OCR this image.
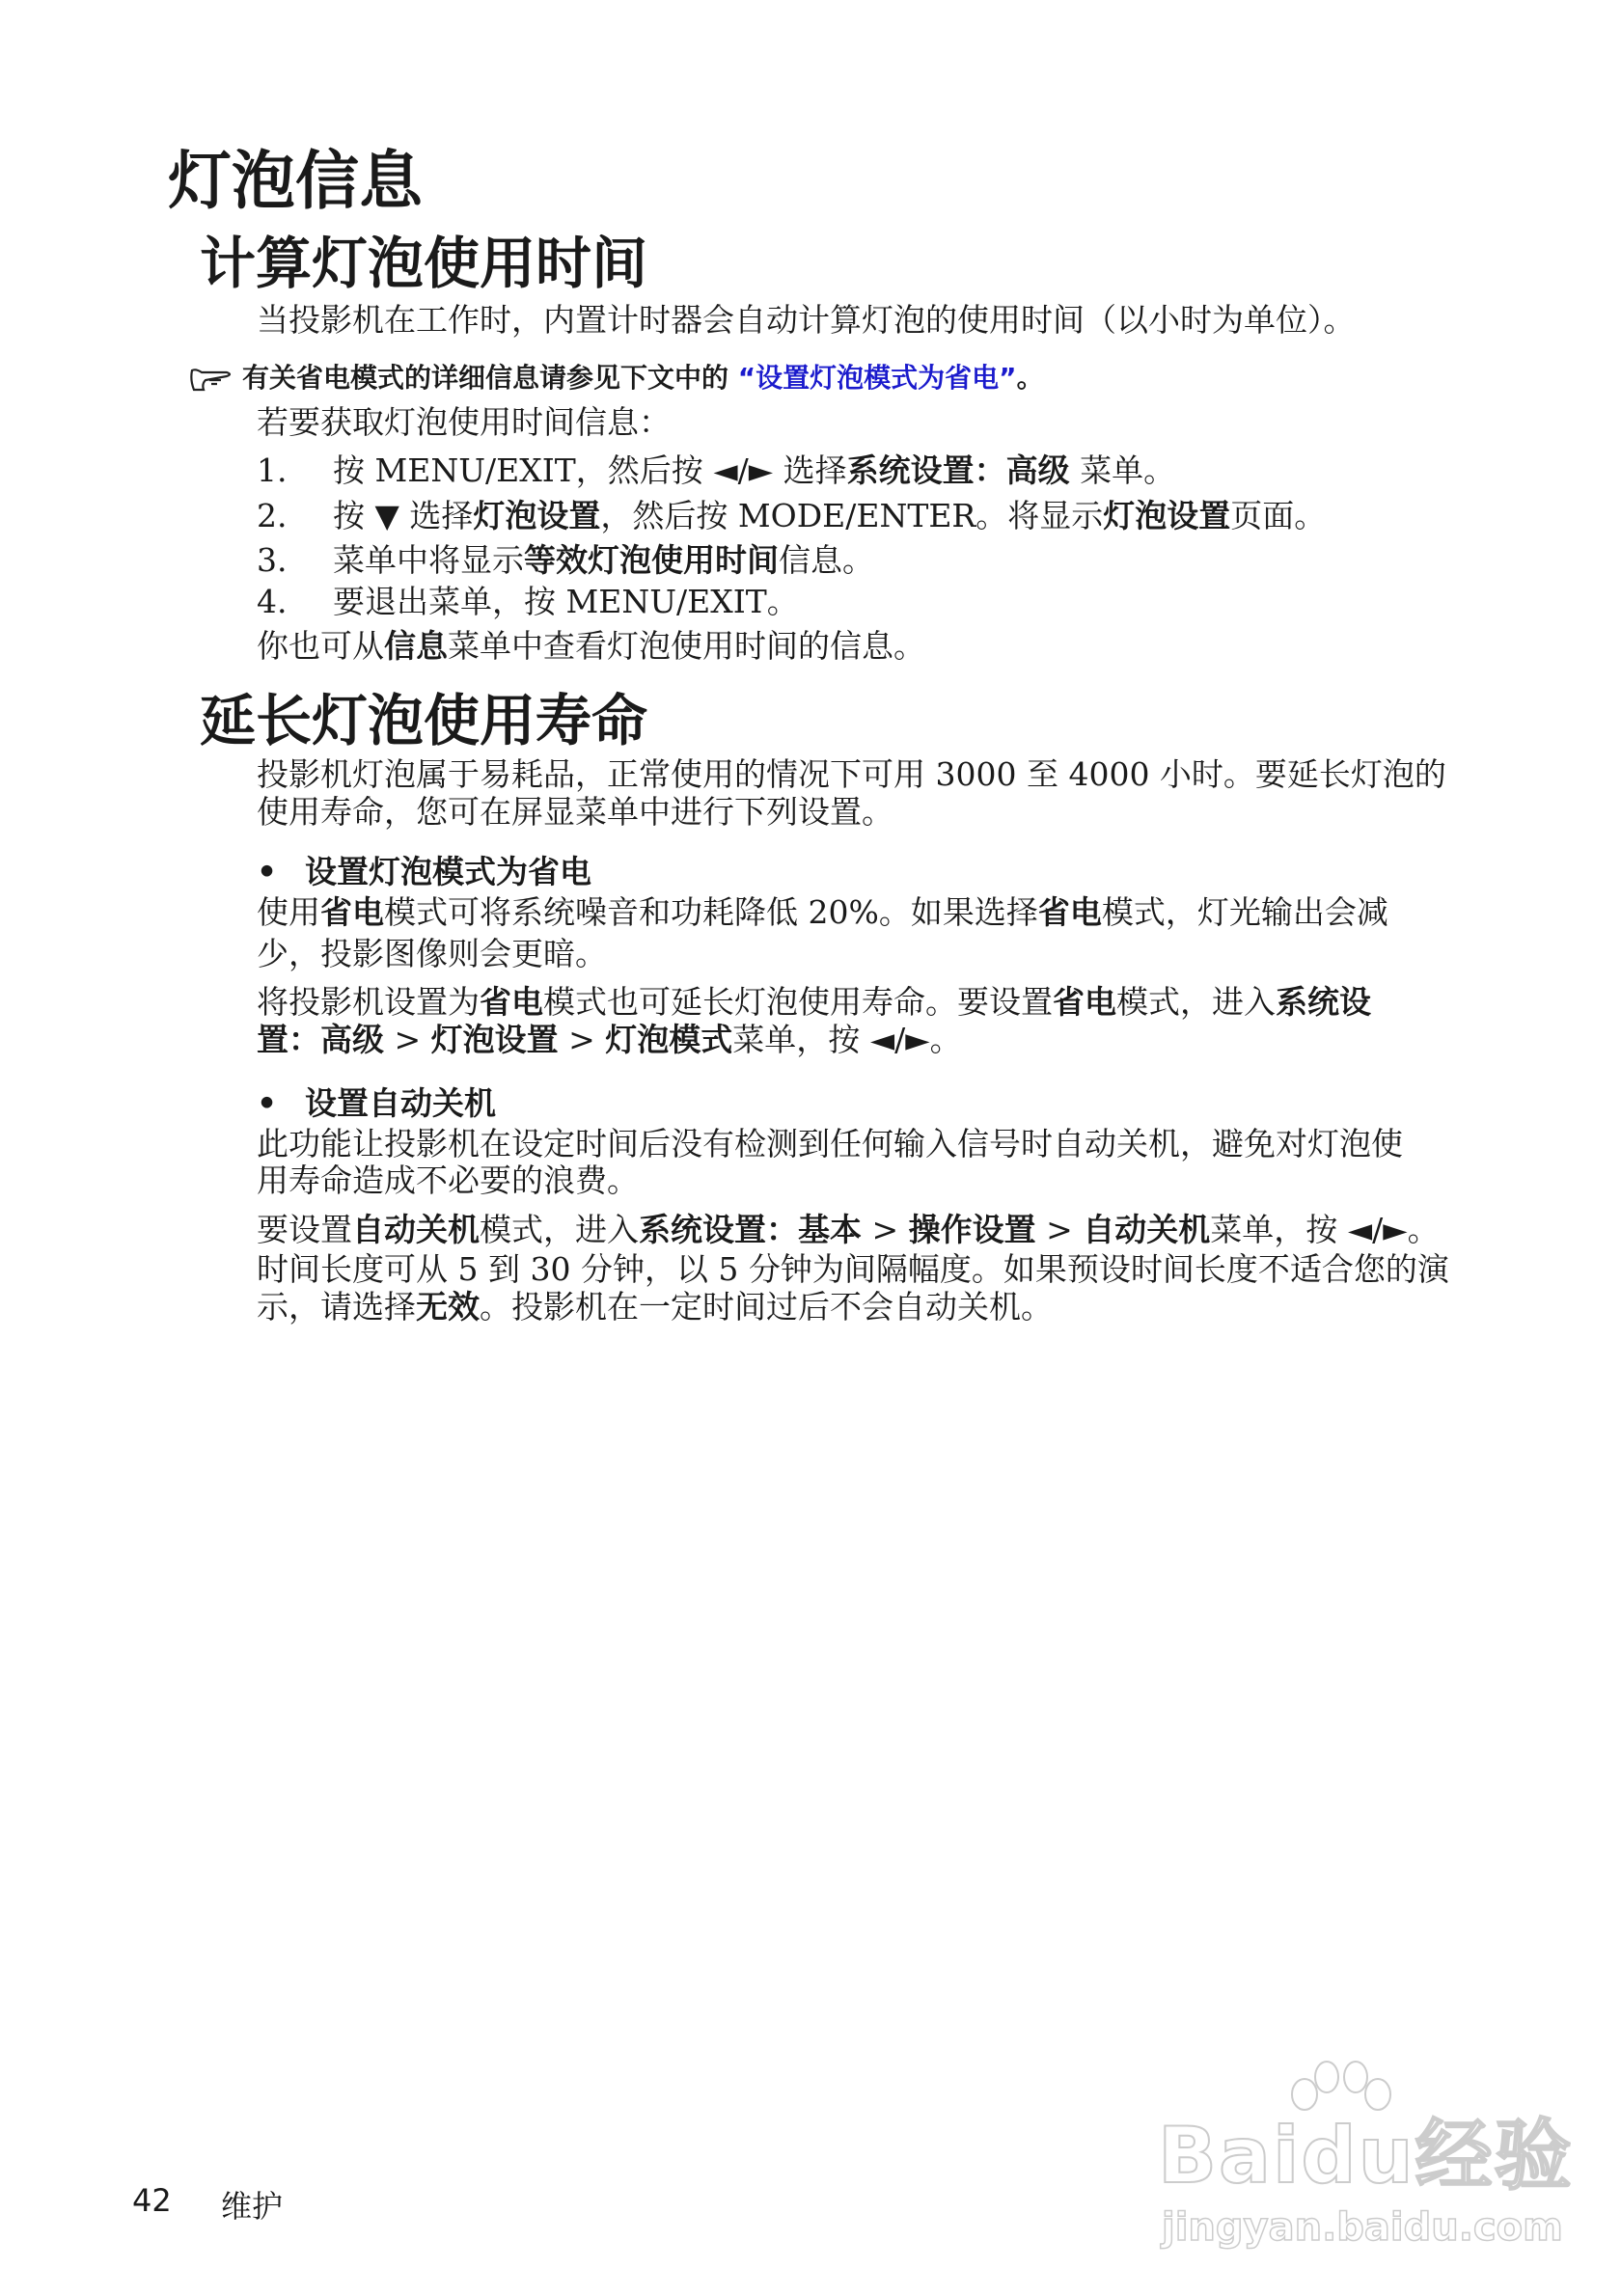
灯泡信息
计算灯泡使用时间
当投影机在工作时，内置计时器会自动计算灯泡的使用时间（以小时为单位）。
有关省电模式的详细信息请参见下文中的 “设置灯泡模式为省电”。
若要获取灯泡使用时间信息：
1. 按 MENU/EXIT，然后按 ◄/► 选择系统设置：高级 菜单。
2. 按 ▼ 选择灯泡设置，然后按 MODE/ENTER。将显示灯泡设置页面。
3. 菜单中将显示等效灯泡使用时间信息。
4. 要退出菜单，按 MENU/EXIT。
你也可从信息菜单中查看灯泡使用时间的信息。
延长灯泡使用寿命
投影机灯泡属于易耗品，正常使用的情况下可用 3000 至 4000 小时。要延长灯泡的
使用寿命，您可在屏显菜单中进行下列设置。
• 设置灯泡模式为省电
使用省电模式可将系统噪音和功耗降低 20%。如果选择省电模式，灯光输出会减
少，投影图像则会更暗。
将投影机设置为省电模式也可延长灯泡使用寿命。要设置省电模式，进入系统设
置：高级 > 灯泡设置 > 灯泡模式菜单，按 ◄/►。
• 设置自动关机
此功能让投影机在设定时间后没有检测到任何输入信号时自动关机，避免对灯泡使
用寿命造成不必要的浪费。
要设置自动关机模式，进入系统设置：基本 > 操作设置 > 自动关机菜单，按 ◄/►。
时间长度可从 5 到 30 分钟，以 5 分钟为间隔幅度。如果预设时间长度不适合您的演
示，请选择无效。投影机在一定时间过后不会自动关机。
42 维护
Baidu经验
jingyan.baidu.com
